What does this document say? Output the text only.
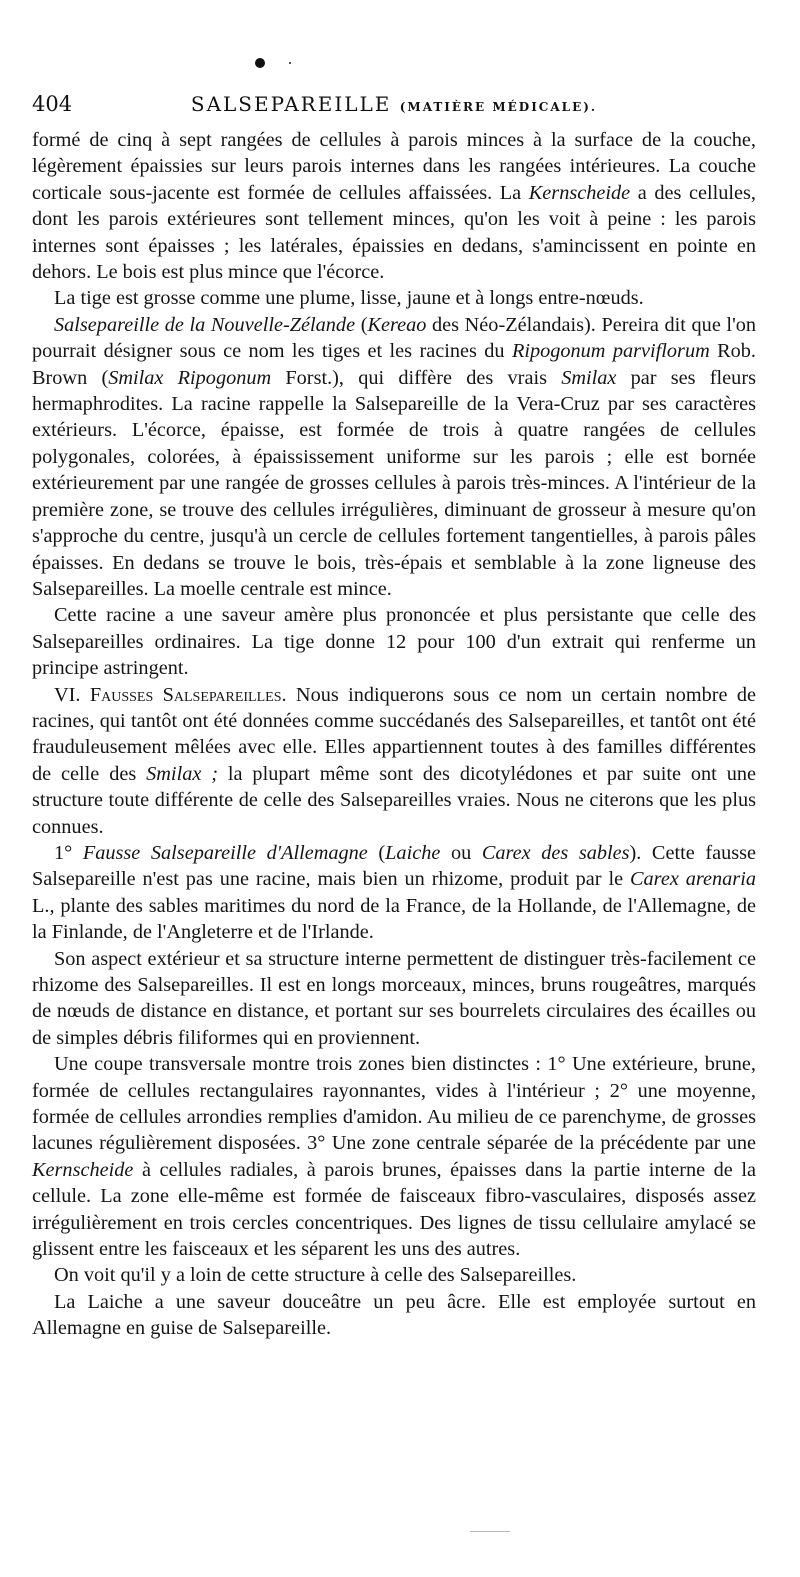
404	SALSEPAREILLE (MATIÈRE MÉDICALE).

formé de cinq à sept rangées de cellules à parois minces à la surface de la couche, légèrement épaissies sur leurs parois internes dans les rangées intérieures. La couche corticale sous-jacente est formée de cellules affaissées. La Kernscheide a des cellules, dont les parois extérieures sont tellement minces, qu'on les voit à peine : les parois internes sont épaisses ; les latérales, épaissies en dedans, s'amincissent en pointe en dehors. Le bois est plus mince que l'écorce.

La tige est grosse comme une plume, lisse, jaune et à longs entre-nœuds.

Salsepareille de la Nouvelle-Zélande (Kereao des Néo-Zélandais). Pereira dit que l'on pourrait désigner sous ce nom les tiges et les racines du Ripogonum parviflorum Rob. Brown (Smilax Ripogonum Forst.), qui diffère des vrais Smilax par ses fleurs hermaphrodites. La racine rappelle la Salsepareille de la Vera-Cruz par ses caractères extérieurs. L'écorce, épaisse, est formée de trois à quatre rangées de cellules polygonales, colorées, à épaississement uniforme sur les parois ; elle est bornée extérieurement par une rangée de grosses cellules à parois très-minces. A l'intérieur de la première zone, se trouve des cellules irrégulières, diminuant de grosseur à mesure qu'on s'approche du centre, jusqu'à un cercle de cellules fortement tangentielles, à parois pâles épaisses. En dedans se trouve le bois, très-épais et semblable à la zone ligneuse des Salsepareilles. La moelle centrale est mince.

Cette racine a une saveur amère plus prononcée et plus persistante que celle des Salsepareilles ordinaires. La tige donne 12 pour 100 d'un extrait qui renferme un principe astringent.

VI. Fausses Salsepareilles. Nous indiquerons sous ce nom un certain nombre de racines, qui tantôt ont été données comme succédanés des Salsepareilles, et tantôt ont été frauduleusement mêlées avec elle. Elles appartiennent toutes à des familles différentes de celle des Smilax ; la plupart même sont des dicotylédones et par suite ont une structure toute différente de celle des Salsepareilles vraies. Nous ne citerons que les plus connues.

1° Fausse Salsepareille d'Allemagne (Laiche ou Carex des sables). Cette fausse Salsepareille n'est pas une racine, mais bien un rhizome, produit par le Carex arenaria L., plante des sables maritimes du nord de la France, de la Hollande, de l'Allemagne, de la Finlande, de l'Angleterre et de l'Irlande.

Son aspect extérieur et sa structure interne permettent de distinguer très-facilement ce rhizome des Salsepareilles. Il est en longs morceaux, minces, bruns rougeâtres, marqués de nœuds de distance en distance, et portant sur ses bourrelets circulaires des écailles ou de simples débris filiformes qui en proviennent.

Une coupe transversale montre trois zones bien distinctes : 1° Une extérieure, brune, formée de cellules rectangulaires rayonnantes, vides à l'intérieur ; 2° une moyenne, formée de cellules arrondies remplies d'amidon. Au milieu de ce parenchyme, de grosses lacunes régulièrement disposées. 3° Une zone centrale séparée de la précédente par une Kernscheide à cellules radiales, à parois brunes, épaisses dans la partie interne de la cellule. La zone elle-même est formée de faisceaux fibro-vasculaires, disposés assez irrégulièrement en trois cercles concentriques. Des lignes de tissu cellulaire amylacé se glissent entre les faisceaux et les séparent les uns des autres.

On voit qu'il y a loin de cette structure à celle des Salsepareilles.

La Laiche a une saveur douceâtre un peu âcre. Elle est employée surtout en Allemagne en guise de Salsepareille.
